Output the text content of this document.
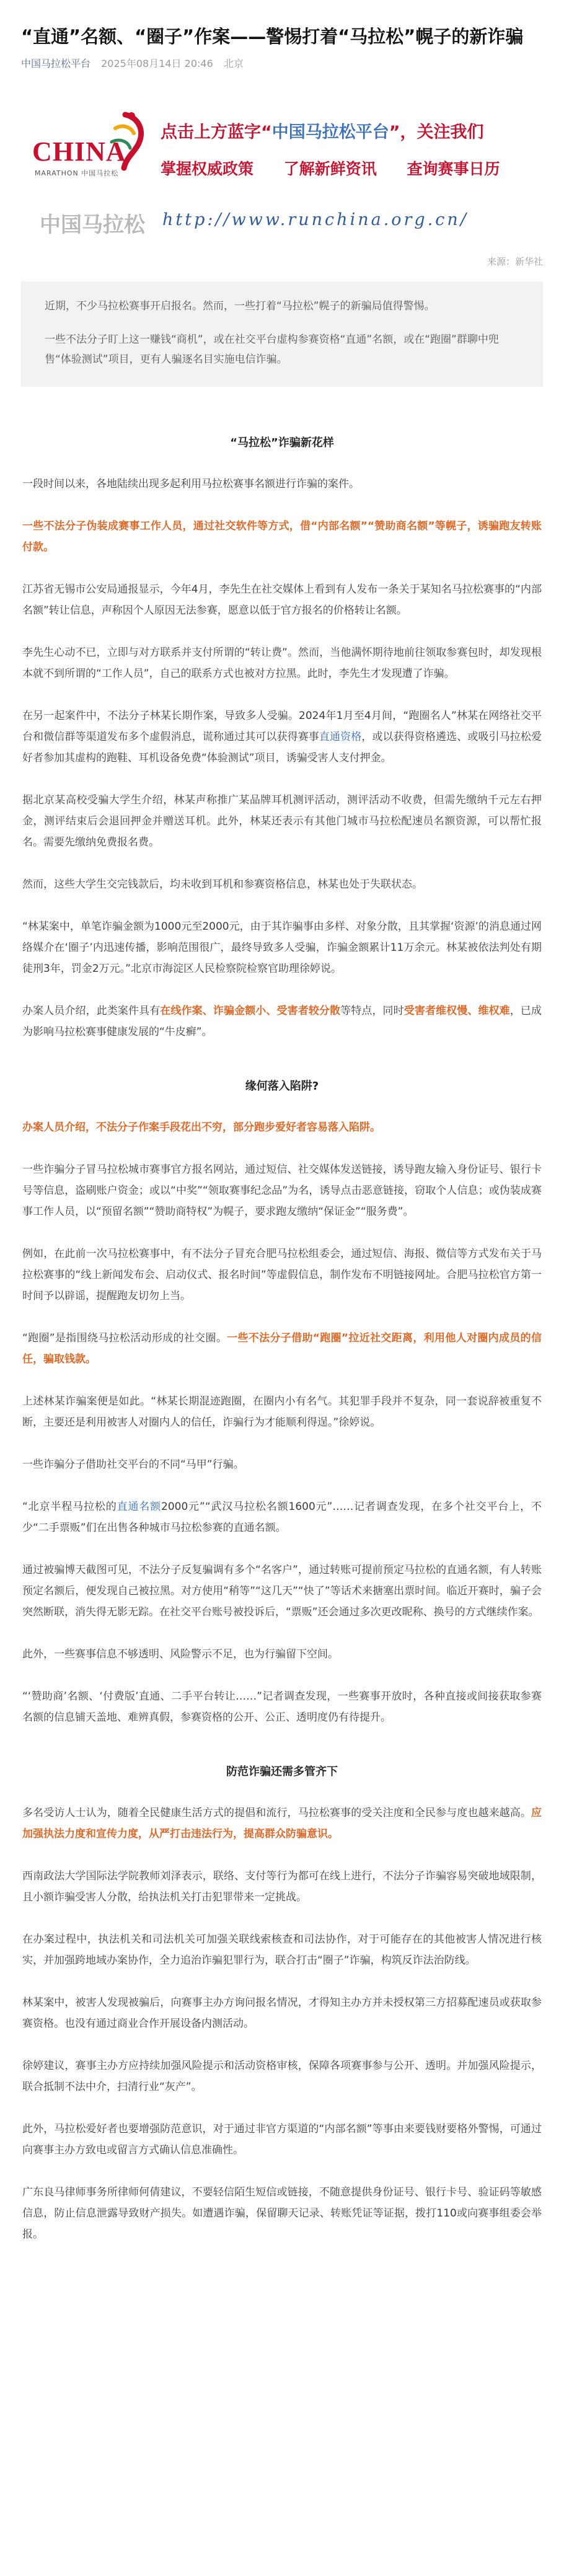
“直通”名额、“圈子”作案——警惕打着“马拉松”幌子的新诈骗
中国马拉松平台 2025年08月14日 20:46 北京
CHINA
MARATHON 中国马拉松
点击上方蓝字“中国马拉松平台”，关注我们
掌握权威政策 了解新鲜资讯 查询赛事日历
中国马拉松 http://www.runchina.org.cn/
来源：新华社

近期，不少马拉松赛事开启报名。然而，一些打着“马拉松”幌子的新骗局值得警惕。

一些不法分子盯上这一赚钱“商机”，或在社交平台虚构参赛资格“直通”名额，或在“跑圈”群聊中兜售“体验测试”项目，更有人骗逐名目实施电信诈骗。

“马拉松”诈骗新花样

一段时间以来，各地陆续出现多起利用马拉松赛事名额进行诈骗的案件。

一些不法分子伪装成赛事工作人员，通过社交软件等方式，借“内部名额”“赞助商名额”等幌子，诱骗跑友转账付款。

江苏省无锡市公安局通报显示，今年4月，李先生在社交媒体上看到有人发布一条关于某知名马拉松赛事的“内部名额”转让信息，声称因个人原因无法参赛，愿意以低于官方报名的价格转让名额。

李先生心动不已，立即与对方联系并支付所谓的“转让费”。然而，当他满怀期待地前往领取参赛包时，却发现根本就不到所谓的“工作人员”，自己的联系方式也被对方拉黑。此时，李先生才发现遭了诈骗。

在另一起案件中，不法分子林某长期作案，导致多人受骗。2024年1月至4月间，“跑圈名人”林某在网络社交平台和微信群等渠道发布多个虚假消息，谎称通过其可以获得赛事直通资格，或以获得资格遴选、或吸引马拉松爱好者参加其虚构的跑鞋、耳机设备免费“体验测试”项目，诱骗受害人支付押金。

据北京某高校受骗大学生介绍，林某声称推广某品牌耳机测评活动，测评活动不收费，但需先缴纳千元左右押金，测评结束后会退回押金并赠送耳机。此外，林某还表示有其他门城市马拉松配速员名额资源，可以帮忙报名。需要先缴纳免费报名费。

然而，这些大学生交完钱款后，均未收到耳机和参赛资格信息，林某也处于失联状态。

“林某案中，单笔诈骗金额为1000元至2000元，由于其诈骗事由多样、对象分散，且其掌握‘资源’的消息通过网络媒介在‘圈子’内迅速传播，影响范围很广，最终导致多人受骗，诈骗金额累计11万余元。林某被依法判处有期徒刑3年，罚金2万元。”北京市海淀区人民检察院检察官助理徐婷说。

办案人员介绍，此类案件具有在线作案、诈骗金额小、受害者较分散等特点，同时受害者维权慢、维权难，已成为影响马拉松赛事健康发展的“牛皮癣”。

缘何落入陷阱?

办案人员介绍，不法分子作案手段花出不穷，部分跑步爱好者容易落入陷阱。

一些诈骗分子冒马拉松城市赛事官方报名网站，通过短信、社交媒体发送链接，诱导跑友输入身份证号、银行卡号等信息，盗刷账户资金；或以“中奖”“领取赛事纪念品”为名，诱导点击恶意链接，窃取个人信息；或伪装成赛事工作人员，以“预留名额”“赞助商特权”为幌子，要求跑友缴纳“保证金”“服务费”。

例如，在此前一次马拉松赛事中，有不法分子冒充合肥马拉松组委会，通过短信、海报、微信等方式发布关于马拉松赛事的“线上新闻发布会、启动仪式、报名时间”等虚假信息，制作发布不明链接网址。合肥马拉松官方第一时间予以辟谣，提醒跑友切勿上当。

“跑圈”是指围绕马拉松活动形成的社交圈。一些不法分子借助“跑圈”拉近社交距离，利用他人对圈内成员的信任，骗取钱款。

上述林某诈骗案便是如此。“林某长期混迹跑圈，在圈内小有名气。其犯罪手段并不复杂，同一套说辞被重复不断，主要还是利用被害人对圈内人的信任，诈骗行为才能顺利得逞。”徐婷说。

一些诈骗分子借助社交平台的不同“马甲”行骗。

“北京半程马拉松的直通名额2000元”“武汉马拉松名额1600元”……记者调查发现，在多个社交平台上，不少“二手票贩”们在出售各种城市马拉松参赛的直通名额。

通过被骗博天截图可见，不法分子反复骗调有多个“名客户”，通过转账可提前预定马拉松的直通名额，有人转账预定名额后，便发现自己被拉黑。对方使用“稍等”“这几天”“快了”等话术来搪塞出票时间。临近开赛时，骗子会突然断联，消失得无影无踪。在社交平台账号被投诉后，“票贩”还会通过多次更改昵称、换号的方式继续作案。

此外，一些赛事信息不够透明、风险警示不足，也为行骗留下空间。

“‘赞助商’名额、‘付费版’直通、二手平台转让……”记者调查发现，一些赛事开放时，各种直接或间接获取参赛名额的信息铺天盖地、难辨真假，参赛资格的公开、公正、透明度仍有待提升。

防范诈骗还需多管齐下

多名受访人士认为，随着全民健康生活方式的提倡和流行，马拉松赛事的受关注度和全民参与度也越来越高。应加强执法力度和宣传力度，从严打击违法行为，提高群众防骗意识。

西南政法大学国际法学院教师刘泽表示，联络、支付等行为都可在线上进行，不法分子诈骗容易突破地域限制，且小额诈骗受害人分散，给执法机关打击犯罪带来一定挑战。

在办案过程中，执法机关和司法机关可加强关联线索核查和司法协作，对于可能存在的其他被害人情况进行核实，并加强跨地域办案协作，全力追治诈骗犯罪行为，联合打击“圈子”诈骗，构筑反诈法治防线。

林某案中，被害人发现被骗后，向赛事主办方询问报名情况，才得知主办方并未授权第三方招募配速员或获取参赛资格。也没有通过商业合作开展设备内测活动。

徐婷建议，赛事主办方应持续加强风险提示和活动资格审核，保障各项赛事参与公开、透明。并加强风险提示，联合抵制不法中介，扫清行业“灰产”。

此外，马拉松爱好者也要增强防范意识，对于通过非官方渠道的“内部名额”等事由来要钱财要格外警惕，可通过向赛事主办方致电或留言方式确认信息准确性。

广东良马律师事务所律师何倩建议，不要轻信陌生短信或链接，不随意提供身份证号、银行卡号、验证码等敏感信息，防止信息泄露导致财产损失。如遭遇诈骗，保留聊天记录、转账凭证等证据，拨打110或向赛事组委会举报。
